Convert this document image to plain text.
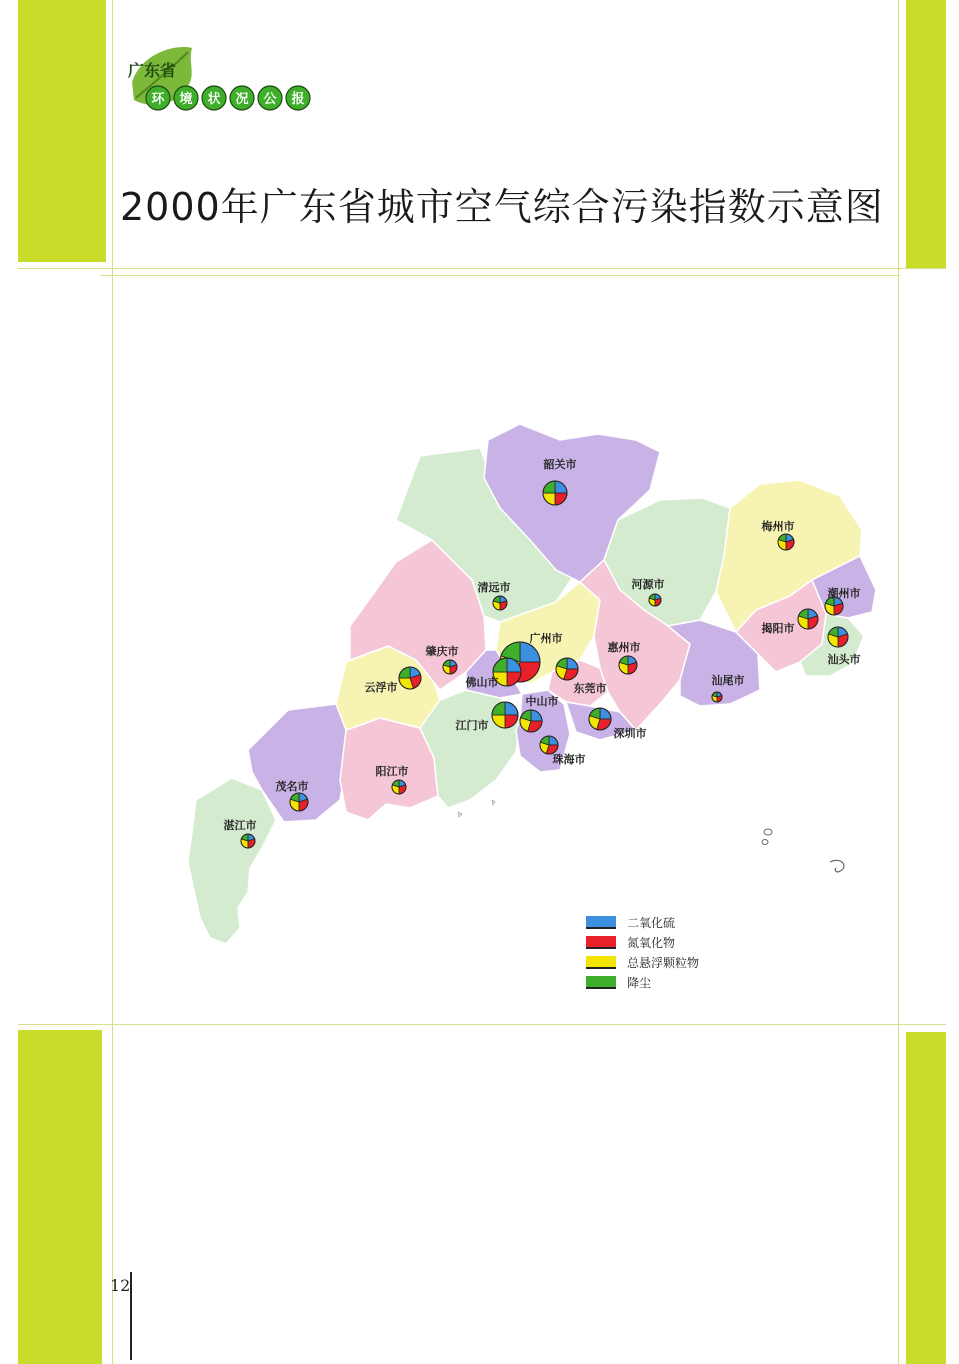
广东省
环 境 状 况 公 报
2000年广东省城市空气综合污染指数示意图
韶关市
梅州市
清远市	河源市
潮州市
广州市
揭阳市
肇庆市	惠州市
汕头市
云浮市	佛山市	东莞市
汕尾市
中山市
江门市
深圳市
珠海市
阳江市
茂名市
湛江市
二氧化硫
氮氧化物
总悬浮颗粒物
降尘
12
